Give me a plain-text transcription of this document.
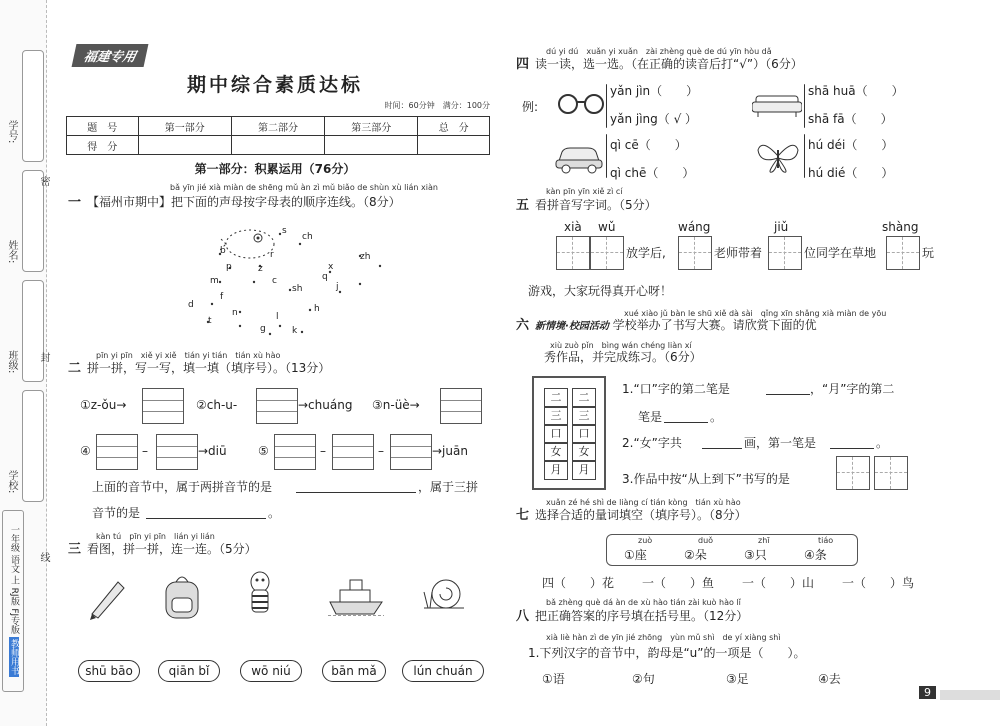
学号:
姓名:
班级:
学校:
密
封
线
一年级 语文 上 RJ版 FJ专版 教师用书
福建专用
期中综合素质达标
时间：60分钟　满分：100分
题　号	第一部分	第二部分	第三部分	总　分
得　分				
第一部分：积累运用（76分）
bǎ yīn jié xià miàn de shēng mǔ àn zì mǔ biǎo de shùn xù lián xiàn
一 【福州市期中】把下面的声母按字母表的顺序连线。（8分）
s
ch
zh
b
p	z
r
x
m	c	q
j
f
sh
d
n	h
t	l
g	k
pīn yi pīn　xiě yi xiě　tián yi tián　tián xù hào
二 拼一拼，写一写，填一填（填序号）。（13分）
①z-ǒu→	②ch-u-	→chuáng ③n-üè→
④	–	→diū	⑤	–	–	→juān
上面的音节中，属于两拼音节的是	，属于三拼
音节的是	。
kàn tú　pīn yi pīn　lián yi lián
三 看图，拼一拼，连一连。（5分）
shū bāo	qiān bǐ	wō niú	bān mǎ	lún chuán
dú yi dú　xuǎn yi xuǎn　zài zhèng què de dú yīn hòu dǎ
四 读一读，选一选。（在正确的读音后打“√”）（6分）
例:
yǎn jìn（　　）
yǎn jìng（ √ ）
shā huā（　　）
shā fā（　　）
qì cē（　　）
qì chē（　　）
hú déi（　　）
hú dié（　　）
kàn pīn yīn xiě zì cí
五 看拼音写字词。（5分）
xià wǔ	wáng	jiǔ	shàng
放学后,	老师带着	位同学在草地	玩
游戏，大家玩得真开心呀！
xué xiào jǔ bàn le shū xiě dà sài　qǐng xīn shǎng xià miàn de yōu
六 新情境·校园活动 学校举办了书写大赛。请欣赏下面的优
xiù zuò pǐn　bìng wán chéng liàn xí
秀作品，并完成练习。（6分）
二	二
三	三
口	口
女	女
月	月
1.“口”字的第二笔是	，“月”字的第二
笔是	。
2.“女”字共	画，第一笔是	。
3.作品中按“从上到下”书写的是
xuǎn zé hé shì de liàng cí tián kòng　tián xù hào
七 选择合适的量词填空（填序号）。（8分）
zuò	duǒ	zhī	tiáo
①座	②朵	③只	④条
四（　　）花 一（　　）鱼 一（　　）山 一（　　）鸟
bǎ zhèng què dá àn de xù hào tián zài kuò hào lǐ
八 把正确答案的序号填在括号里。（12分）
xià liè hàn zì de yīn jié zhōng　yùn mǔ shì　de yí xiàng shì
1.下列汉字的音节中，韵母是“u”的一项是（　　）。
①语	②句	③足	④去
9
